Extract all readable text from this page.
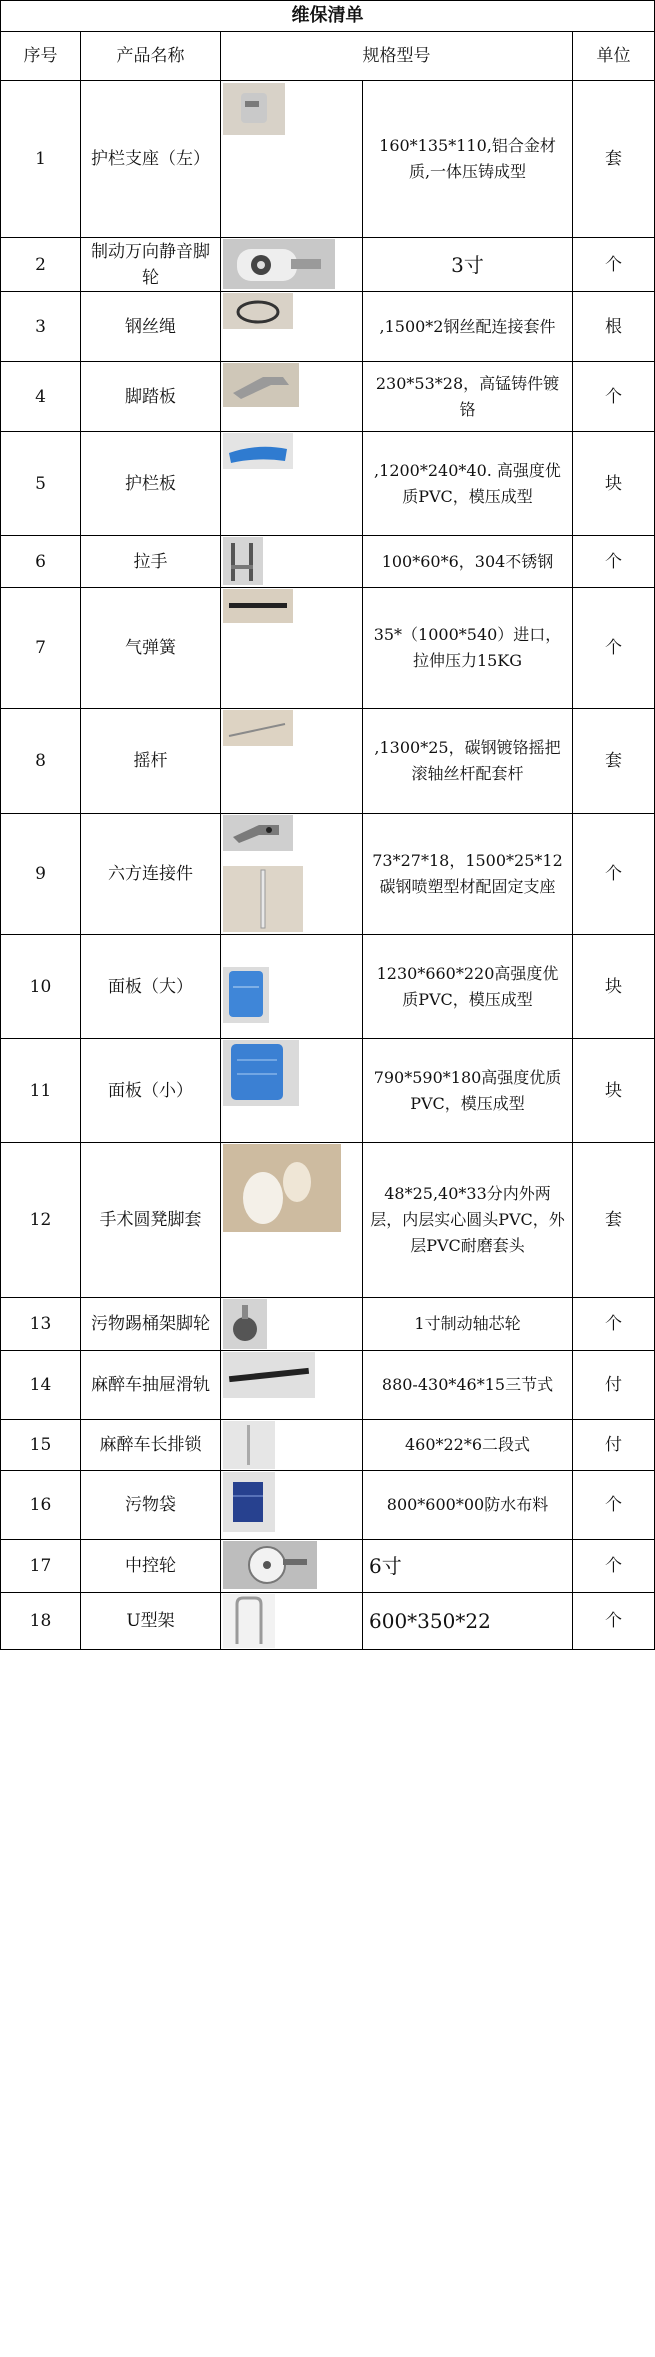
维保清单				
序号	产品名称	规格型号		单位
1	护栏支座（左）		160*135*110,铝合金材质,一体压铸成型	套
2	制动万向静音脚轮		3寸	个
3	钢丝绳		,1500*2钢丝配连接套件	根
4	脚踏板		230*53*28，高锰铸件镀铬	个
5	护栏板		,1200*240*40. 高强度优质PVC，模压成型	块
6	拉手		100*60*6，304不锈钢	个
7	气弹簧		35*（1000*540）进口，拉伸压力15KG	个
8	摇杆		,1300*25，碳钢镀铬摇把滚轴丝杆配套杆	套
9	六方连接件		73*27*18，1500*25*12碳钢喷塑型材配固定支座	个
10	面板（大）		1230*660*220高强度优质PVC，模压成型	块
11	面板（小）		790*590*180高强度优质PVC，模压成型	块
12	手术圆凳脚套		48*25,40*33分内外两层，内层实心圆头PVC，外层PVC耐磨套头	套
13	污物踢桶架脚轮		1寸制动轴芯轮	个
14	麻醉车抽屉滑轨		880-430*46*15三节式	付
15	麻醉车长排锁		460*22*6二段式	付
16	污物袋		800*600*00防水布料	个
17	中控轮		6寸	个
18	U型架		600*350*22	个
